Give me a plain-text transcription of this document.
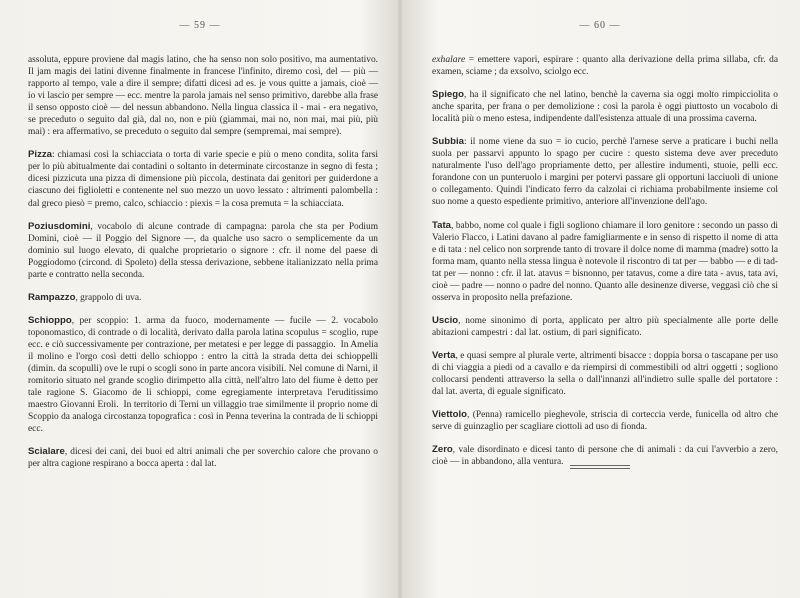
— 59 —

assoluta, eppure proviene dal magis latino, che ha senso non solo positivo, ma aumentativo. Il jam magis dei latini divenne finalmente in francese l'infinito, diremo così, del — più — rapporto al tempo, vale a dire il sempre; difatti dicesi ad es. je vous quitte a jamais, cioè — io vi lascio per sempre — ecc. mentre la parola jamais nel senso primitivo, darebbe alla frase il senso opposto cioè — del nessun abbandono. Nella lingua classica il - mai - era negativo, se preceduto o seguito dal già, dal no, non e più (giammai, mai no, non mai, mai più, più mai) : era affermativo, se preceduto o seguito dal sempre (sempremai, mai sempre).

Pizza: chiamasi così la schiacciata o torta di varie specie e più o meno condita, solita farsi per lo più abitualmente dai contadini o soltanto in determinate circostanze in segno di festa ; dicesi pizzicuta una pizza di dimensione più piccola, destinata dai genitori per guiderdone a ciascuno dei figlioletti e contenente nel suo mezzo un uovo lessato : altrimenti palombella : dal greco piesò = premo, calco, schiaccio : piexis = la cosa premuta = la schiacciata.

Poziusdomini, vocabolo di alcune contrade di campagna: parola che sta per Podium Domini, cioè — il Poggio del Signore —, da qualche uso sacro o semplicemente da un dominio sul luogo elevato, di qualche proprietario o signore : cfr. il nome del paese di Poggiodomo (circond. di Spoleto) della stessa derivazione, sebbene italianizzato nella prima parte e contratto nella seconda.

Rampazzo, grappolo di uva.

Schioppo, per scoppio: 1. arma da fuoco, modernamente — fucile — 2. vocabolo toponomastico, di contrade o di località, derivato dalla parola latina scopulus = scoglio, rupe ecc. e ciò successivamente per contrazione, per metatesi e per legge di passaggio.  In Amelia il molino e l'orgo così detti dello schioppo : entro la città la strada detta dei schioppelli (dimin. da scopulli) ove le rupi o scogli sono in parte ancora visibili. Nel comune di Narni, il romitorio situato nel grande scoglio dirimpetto alla città, nell'altro lato del fiume è detto per tale ragione S. Giacomo de li schioppi, come egregiamente interpretava l'eruditissimo maestro Giovanni Eroli.  In territorio di Terni un villaggio trae similmente il proprio nome di Scoppio da analoga circostanza topografica : così in Penna teverina la contrada de li schioppi ecc.

Scialare, dicesi dei cani, dei buoi ed altri animali che per soverchio calore che provano o per altra cagione respirano a bocca aperta : dal lat.

— 60 —

exhalare = emettere vapori, espirare : quanto alla derivazione della prima sillaba, cfr. da examen, sciame ; da exsolvo, sciolgo ecc.

Spiego, ha il significato che nel latino, benchè la caverna sia oggi molto rimpicciolita o anche sparita, per frana o per demolizione : così la parola è oggi piuttosto un vocabolo di località più o meno estesa, indipendente dall'esistenza attuale di una prossima caverna.

Subbia: il nome viene da suo = io cucio, perchè l'arnese serve a praticare i buchi nella suola per passarvi appunto lo spago per cucire : questo sistema deve aver preceduto naturalmente l'uso dell'ago propriamente detto, per allestire indumenti, stuoie, pelli ecc. forandone con un punteruolo i margini per potervi passare gli opportuni lacciuoli di unione o collegamento. Quindi l'indicato ferro da calzolai ci richiama probabilmente insieme col suo nome a questo espediente primitivo, anteriore all'invenzione dell'ago.

Tata, babbo, nome col quale i figli sogliono chiamare il loro genitore : secondo un passo di Valerio Flacco, i Latini davano al padre famigliarmente e in senso di rispetto il nome di atta e di tata : nel celico non sorprende tanto di trovare il dolce nome di mamma (madre) sotto la forma mam, quanto nella stessa lingua è notevole il riscontro di tat per — babbo — e di tad-tat per — nonno : cfr. il lat. atavus = bisnonno, per tatavus, come a dire tata - avus, tata avi, cioè — padre — nonno o padre del nonno. Quanto alle desinenze diverse, veggasi ciò che si osserva in proposito nella prefazione.

Uscio, nome sinonimo di porta, applicato per altro più specialmente alle porte delle abitazioni campestri : dal lat. ostium, di pari significato.

Verta, e quasi sempre al plurale verte, altrimenti bisacce : doppia borsa o tascapane per uso di chi viaggia a piedi od a cavallo e da riempirsi di commestibili od altri oggetti ; sogliono collocarsi pendenti attraverso la sella o dall'innanzi all'indietro sulle spalle del portatore : dal lat. averta, di eguale significato.

Viettolo, (Penna) ramicello pieghevole, striscia di corteccia verde, funicella od altro che serve di guinzaglio per scagliare ciottoli ad uso di fionda.

Zero, vale disordinato e dicesi tanto di persone che di animali : da cui l'avverbio a zero, cioè — in abbandono, alla ventura.
